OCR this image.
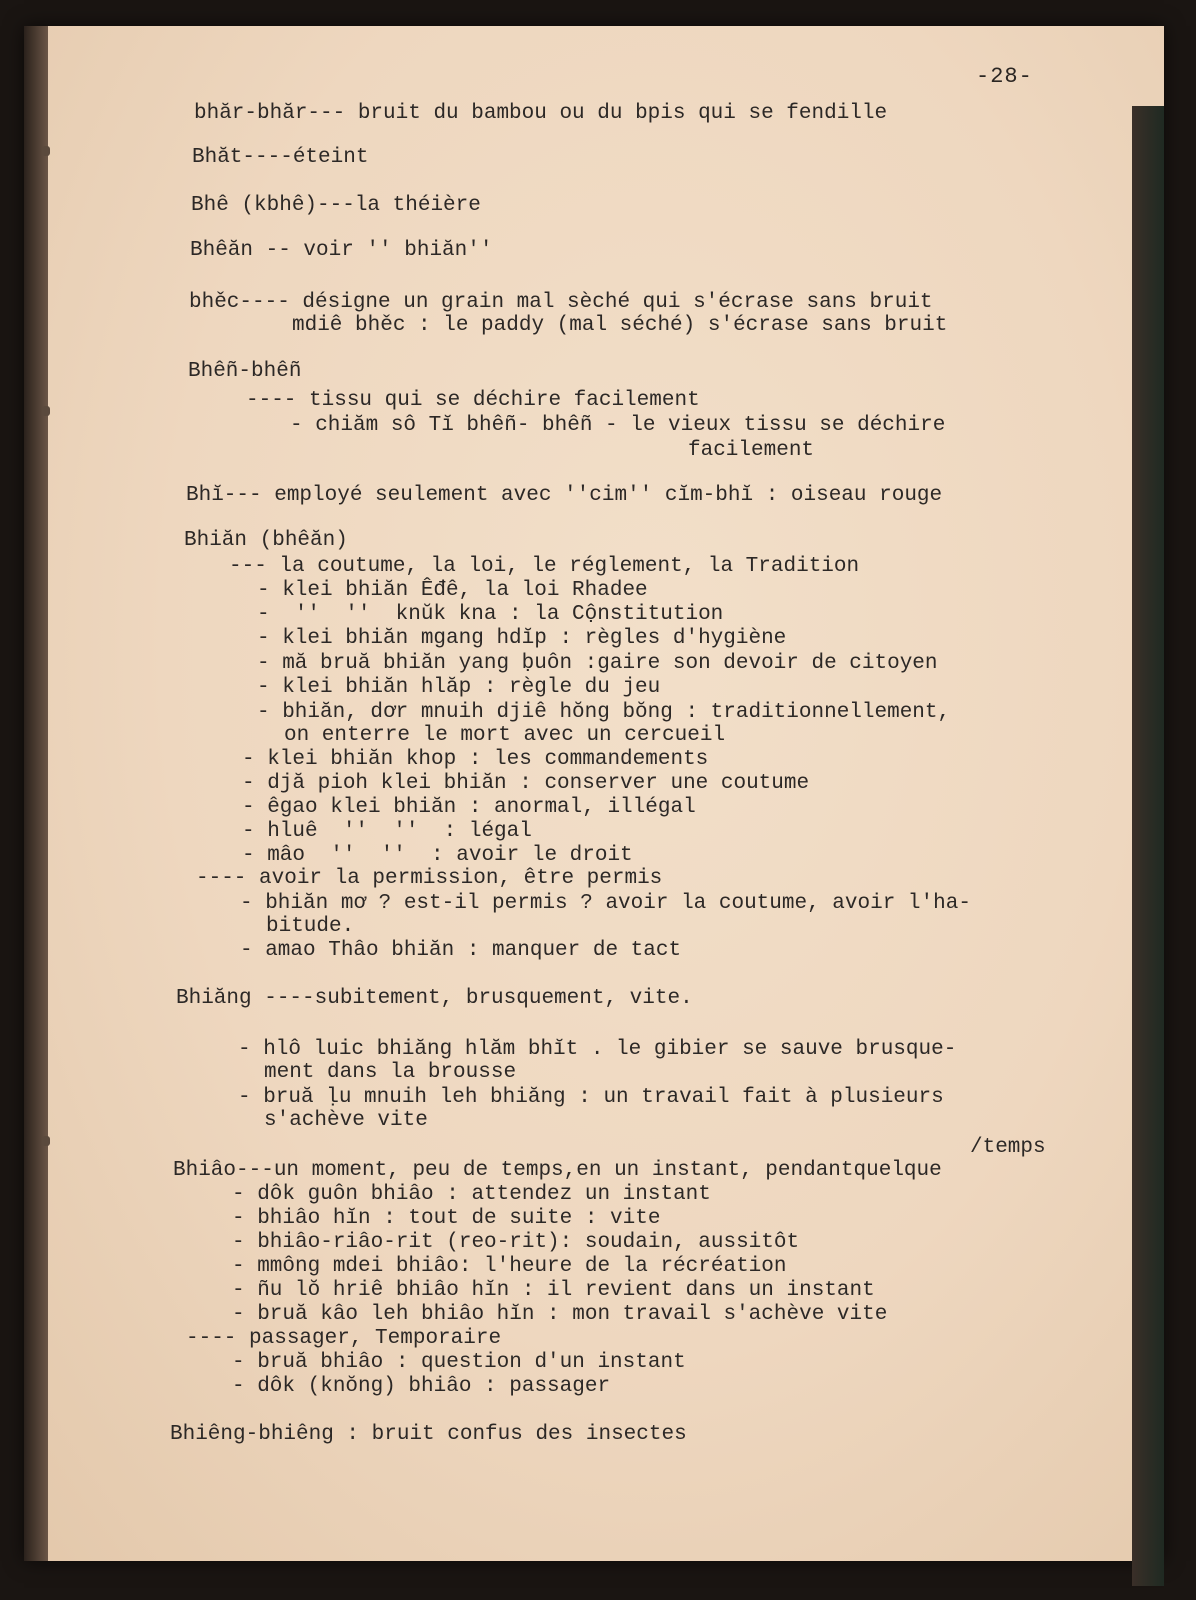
-28-
bhăr-bhăr--- bruit du bambou ou du bpis qui se fendille
Bhăt----éteint
Bhê (kbhê)---la théière
Bhêăn -- voir '' bhiăn''
bhěc---- désigne un grain mal sèché qui s'écrase sans bruit
mdiê bhěc : le paddy (mal séché) s'écrase sans bruit
Bhêñ-bhêñ
---- tissu qui se déchire facilement
- chiăm sô Tĭ bhêñ- bhêñ - le vieux tissu se déchire
facilement
Bhĭ--- employé seulement avec ''cim'' cĭm-bhĭ : oiseau rouge
Bhiăn (bhêăn)
--- la coutume, la loi, le réglement, la Tradition
- klei bhiăn Êđê, la loi Rhadee
-  ''  ''  knŭk kna : la Cộnstitution
- klei bhiăn mgang hdĭp : règles d'hygiène
- mă bruă bhiăn yang ḅuôn :gaire son devoir de citoyen
- klei bhiăn hlăp : règle du jeu
- bhiăn, dơr mnuih djiê hŏng bŏng : traditionnellement,
on enterre le mort avec un cercueil
- klei bhiăn khop : les commandements
- djă pioh klei bhiăn : conserver une coutume
- êgao klei bhiăn : anormal, illégal
- hluê  ''  ''  : légal
- mâo  ''  ''  : avoir le droit
---- avoir la permission, être permis
- bhiăn mơ ? est-il permis ? avoir la coutume, avoir l'ha-
bitude.
- amao Thâo bhiăn : manquer de tact
Bhiăng ----subitement, brusquement, vite.
- hlô luic bhiăng hlăm bhĭt . le gibier se sauve brusque-
ment dans la brousse
- bruă ḷu mnuih leh bhiăng : un travail fait à plusieurs
s'achève vite
/temps
Bhiâo---un moment, peu de temps,en un instant, pendantquelque
- dôk guôn bhiâo : attendez un instant
- bhiâo hĭn : tout de suite : vite
- bhiâo-riâo-rit (reo-rit): soudain, aussitôt
- mmông mdei bhiâo: l'heure de la récréation
- ñu lŏ hriê bhiâo hĭn : il revient dans un instant
- bruă kâo leh bhiâo hĭn : mon travail s'achève vite
---- passager, Temporaire
- bruă bhiâo : question d'un instant
- dôk (knŏng) bhiâo : passager
Bhiêng-bhiêng : bruit confus des insectes
